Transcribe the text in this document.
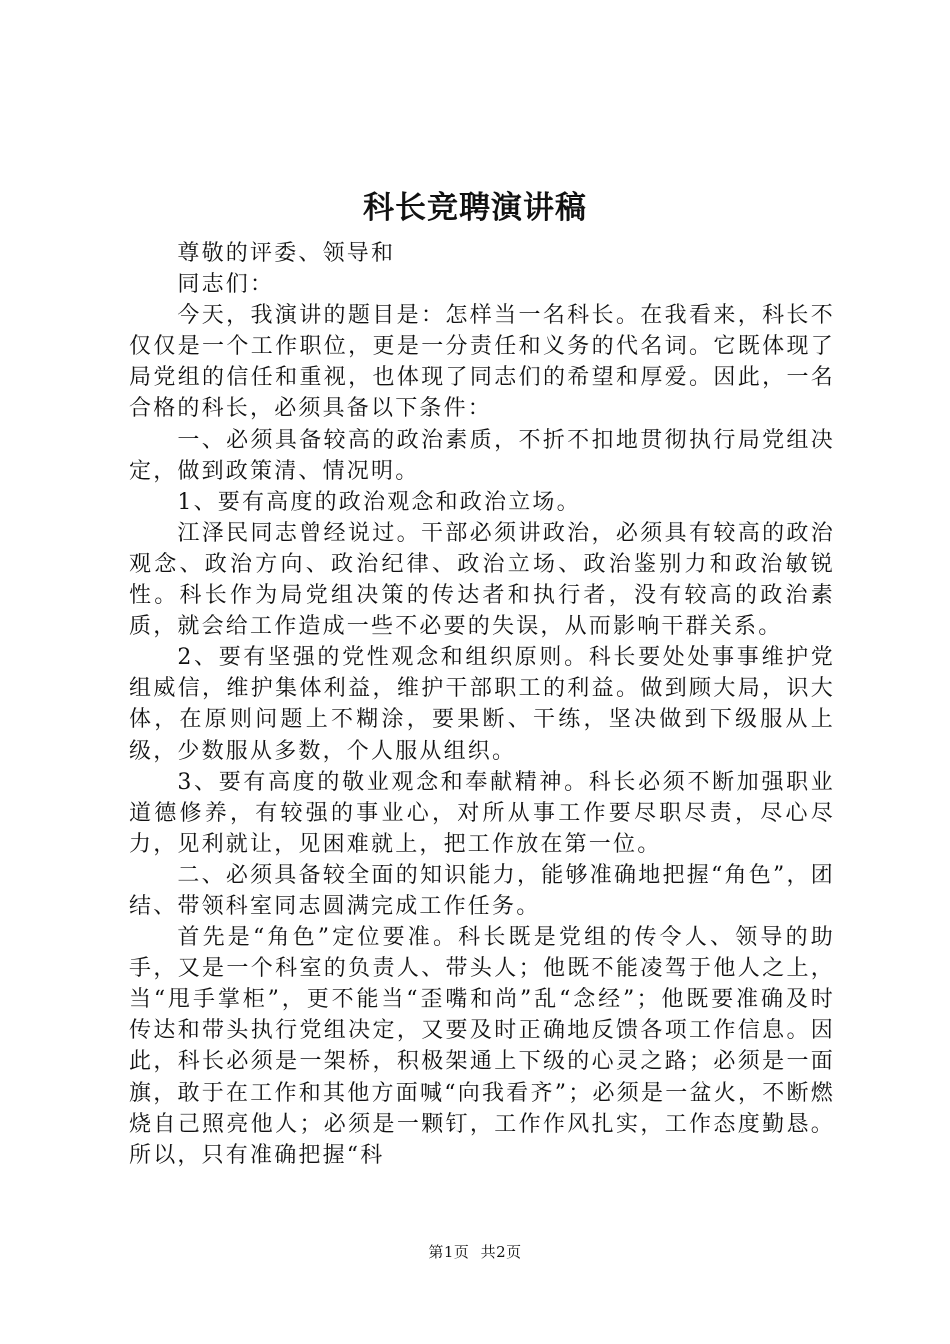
科长竞聘演讲稿

尊敬的评委、领导和

同志们：

今天，我演讲的题目是：怎样当一名科长。在我看来，科长不仅仅是一个工作职位，更是一分责任和义务的代名词。它既体现了局党组的信任和重视，也体现了同志们的希望和厚爱。因此，一名合格的科长，必须具备以下条件：

一、必须具备较高的政治素质，不折不扣地贯彻执行局党组决定，做到政策清、情况明。

1、要有高度的政治观念和政治立场。

江泽民同志曾经说过。干部必须讲政治，必须具有较高的政治观念、政治方向、政治纪律、政治立场、政治鉴别力和政治敏锐性。科长作为局党组决策的传达者和执行者，没有较高的政治素质，就会给工作造成一些不必要的失误，从而影响干群关系。

2、要有坚强的党性观念和组织原则。科长要处处事事维护党组威信，维护集体利益，维护干部职工的利益。做到顾大局，识大体，在原则问题上不糊涂，要果断、干练，坚决做到下级服从上级，少数服从多数，个人服从组织。

3、要有高度的敬业观念和奉献精神。科长必须不断加强职业道德修养，有较强的事业心，对所从事工作要尽职尽责，尽心尽力，见利就让，见困难就上，把工作放在第一位。

二、必须具备较全面的知识能力，能够准确地把握“角色”，团结、带领科室同志圆满完成工作任务。

首先是“角色”定位要准。科长既是党组的传令人、领导的助手，又是一个科室的负责人、带头人；他既不能凌驾于他人之上，当“甩手掌柜”，更不能当“歪嘴和尚”乱“念经”；他既要准确及时传达和带头执行党组决定，又要及时正确地反馈各项工作信息。因此，科长必须是一架桥，积极架通上下级的心灵之路；必须是一面旗，敢于在工作和其他方面喊“向我看齐”；必须是一盆火，不断燃烧自己照亮他人；必须是一颗钉，工作作风扎实，工作态度勤恳。所以，只有准确把握“科

第1页 共2页
